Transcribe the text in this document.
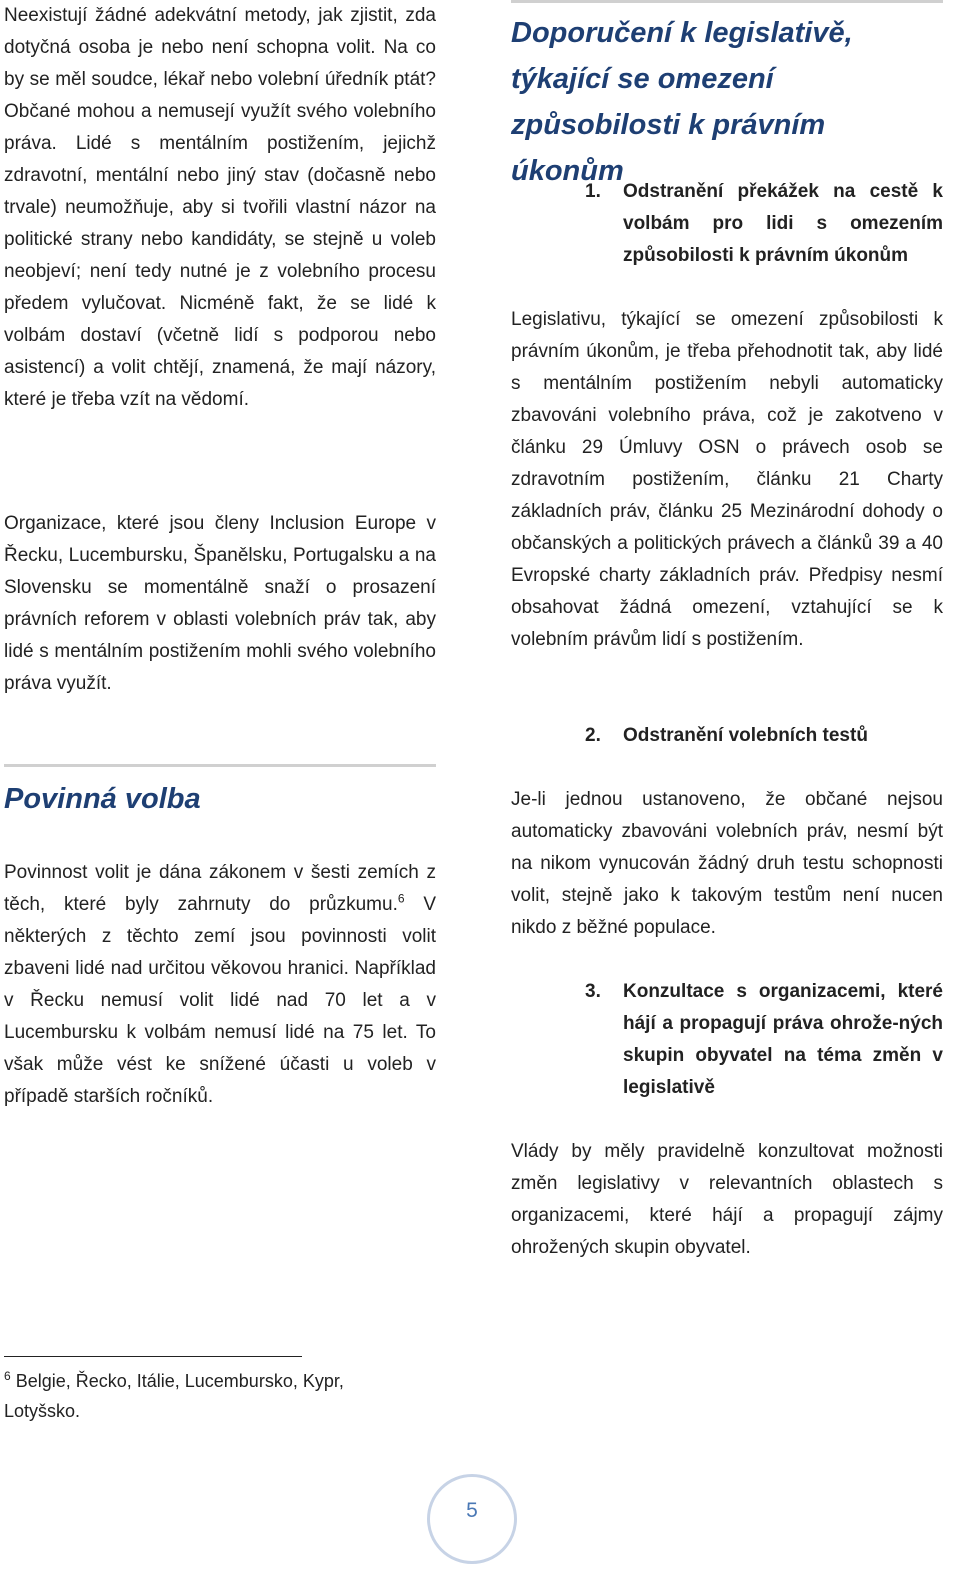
Neexistují žádné adekvátní metody, jak zjistit, zda dotyčná osoba je nebo není schopna volit. Na co by se měl soudce, lékař nebo volební úředník ptát? Občané mohou a nemusejí využít svého volebního práva. Lidé s mentálním postižením, jejichž zdravotní, mentální nebo jiný stav (dočasně nebo trvale) neumožňuje, aby si tvořili vlastní názor na politické strany nebo kandidáty, se stejně u voleb neobjeví; není tedy nutné je z volebního procesu předem vylučovat. Nicméně fakt, že se lidé k volbám dostaví (včetně lidí s podporou nebo asistencí) a volit chtějí, znamená, že mají názory, které je třeba vzít na vědomí.

Organizace, které jsou členy Inclusion Europe v Řecku, Lucembursku, Španělsku, Portugalsku a na Slovensku se momentálně snaží o prosazení právních reforem v oblasti volebních práv tak, aby lidé s mentálním postižením mohli svého volebního práva využít.

Povinná volba

Povinnost volit je dána zákonem v šesti zemích z těch, které byly zahrnuty do průzkumu.$^6$ V některých z těchto zemí jsou povinnosti volit zbaveni lidé nad určitou věkovou hranici. Například v Řecku nemusí volit lidé nad 70 let a v Lucembursku k volbám nemusí lidé na 75 let. To však může vést ke snížené účasti u voleb v případě starších ročníků.

Doporučení k legislativě, týkající se omezení způsobilosti k právním úkonům
1. Odstranění překážek na cestě k volbám pro lidi s omezením způsobilosti k právním úkonům

Legislativu, týkající se omezení způsobilosti k právním úkonům, je třeba přehodnotit tak, aby lidé s mentálním postižením nebyli automaticky zbavováni volebního práva, což je zakotveno v článku 29 Úmluvy OSN o právech osob se zdravotním postižením, článku 21 Charty základních práv, článku 25 Mezinárodní dohody o občanských a politických právech a článků 39 a 40 Evropské charty základních práv. Předpisy nesmí obsahovat žádná omezení, vztahující se k volebním právům lidí s postižením.

2. Odstranění volebních testů

Je-li jednou ustanoveno, že občané nejsou automaticky zbavováni volebních práv, nesmí být na nikom vynucován žádný druh testu schopnosti volit, stejně jako k takovým testům není nucen nikdo z běžné populace.

3. Konzultace s organizacemi, které hájí a propagují práva ohrože-ných skupin obyvatel na téma změn v legislativě

Vlády by měly pravidelně konzultovat možnosti změn legislativy v relevantních oblastech s organizacemi, které hájí a propagují zájmy ohrožených skupin obyvatel.

$^6$ Belgie, Řecko, Itálie, Lucembursko, Kypr, Lotyšsko.
5
